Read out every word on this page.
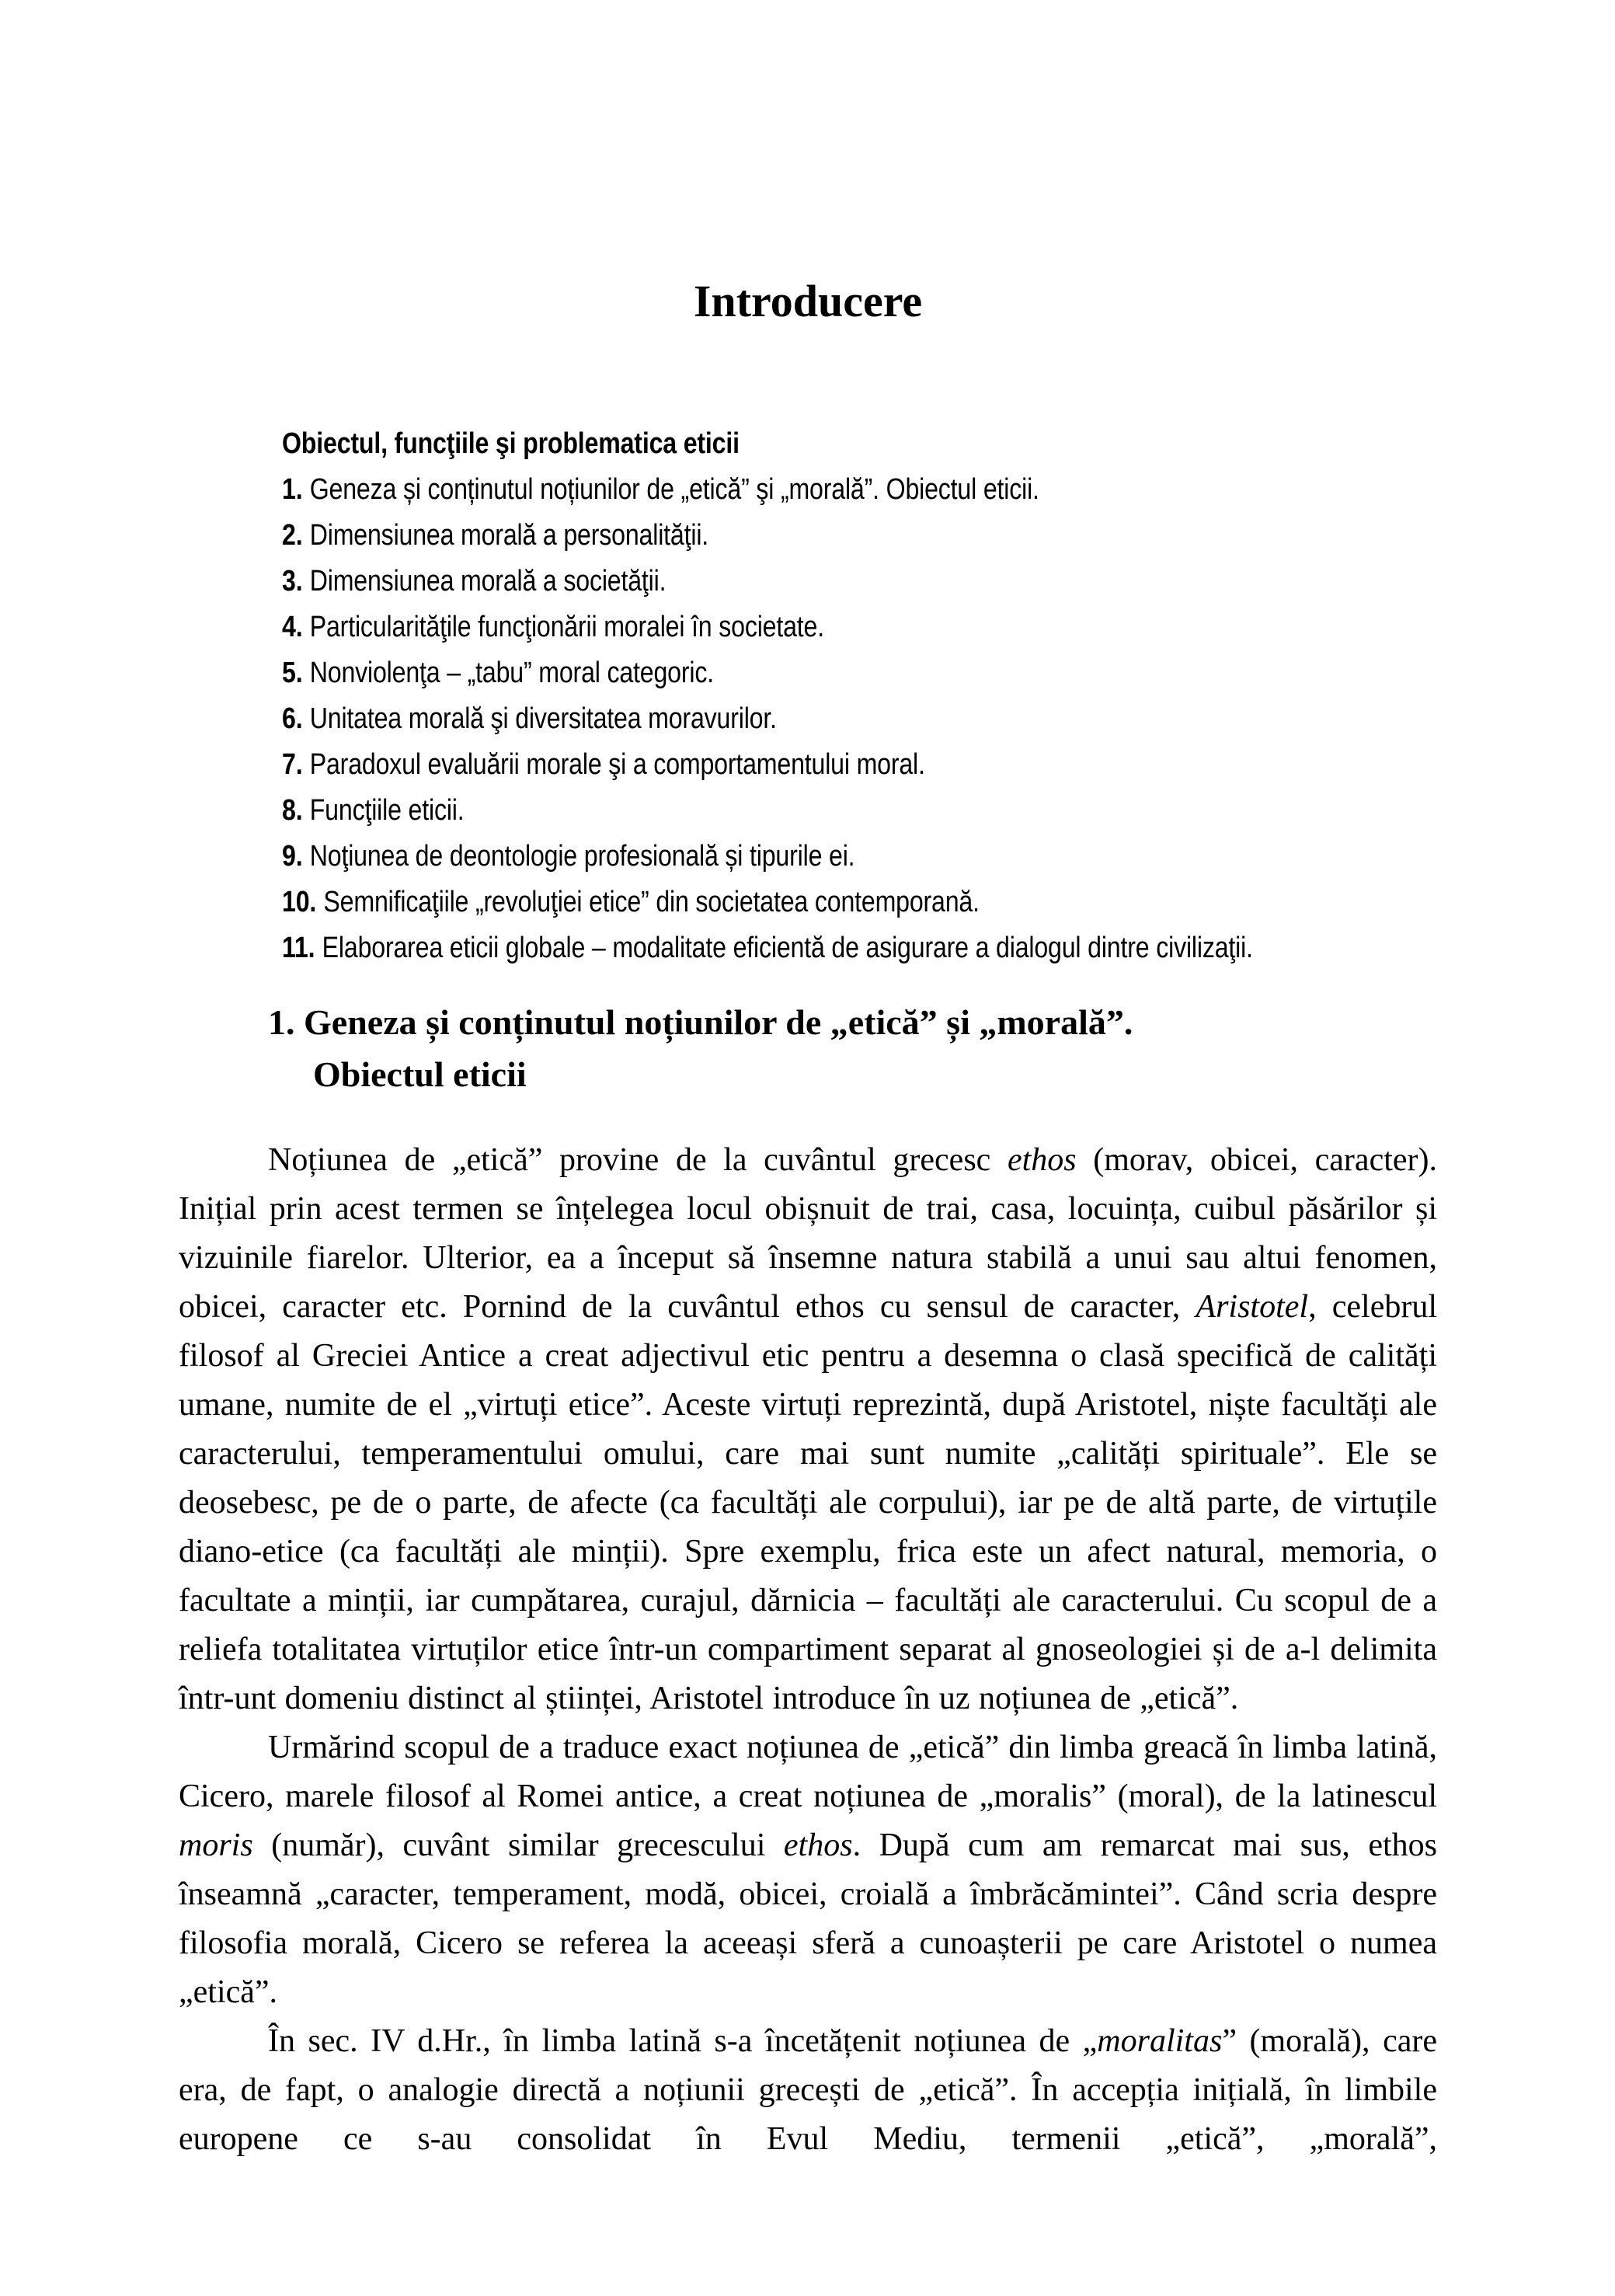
Introducere
Obiectul, funcţiile şi problematica eticii
1. Geneza și conținutul noțiunilor de „etică” şi „morală”. Obiectul eticii.
2. Dimensiunea morală a personalităţii.
3. Dimensiunea morală a societăţii.
4. Particularităţile funcţionării moralei în societate.
5. Nonviolenţa – „tabu” moral categoric.
6. Unitatea morală şi diversitatea moravurilor.
7. Paradoxul evaluării morale şi a comportamentului moral.
8. Funcţiile eticii.
9. Noţiunea de deontologie profesională și tipurile ei.
10. Semnificaţiile „revoluţiei etice” din societatea contemporană.
11. Elaborarea eticii globale – modalitate eficientă de asigurare a dialogul dintre civilizaţii.
1. Geneza și conținutul noțiunilor de „etică” și „morală”.
Obiectul eticii

Noțiunea de „etică” provine de la cuvântul grecesc ethos (morav, obicei, caracter). Inițial prin acest termen se înțelegea locul obișnuit de trai, casa, locuința, cuibul păsărilor și vizuinile fiarelor. Ulterior, ea a început să însemne natura stabilă a unui sau altui fenomen, obicei, caracter etc. Pornind de la cuvântul ethos cu sensul de caracter, Aristotel, celebrul filosof al Greciei Antice a creat adjectivul etic pentru a desemna o clasă specifică de calități umane, numite de el „virtuți etice”. Aceste virtuți reprezintă, după Aristotel, niște facultăți ale caracterului, temperamentului omului, care mai sunt numite „calități spirituale”. Ele se deosebesc, pe de o parte, de afecte (ca facultăți ale corpului), iar pe de altă parte, de virtuțile diano-etice (ca facultăți ale minții). Spre exemplu, frica este un afect natural, memoria, o facultate a minții, iar cumpătarea, curajul, dărnicia – facultăți ale caracterului. Cu scopul de a reliefa totalitatea virtuților etice într-un compartiment separat al gnoseologiei și de a-l delimita într-unt domeniu distinct al științei, Aristotel introduce în uz noțiunea de „etică”.

Urmărind scopul de a traduce exact noțiunea de „etică” din limba greacă în limba latină, Cicero, marele filosof al Romei antice, a creat noțiunea de „moralis” (moral), de la latinescul moris (număr), cuvânt similar grecescului ethos. După cum am remarcat mai sus, ethos înseamnă „caracter, temperament, modă, obicei, croială a îmbrăcămintei”. Când scria despre filosofia morală, Cicero se referea la aceeași sferă a cunoașterii pe care Aristotel o numea „etică”.

În sec. IV d.Hr., în limba latină s-a încetățenit noțiunea de „moralitas” (morală), care era, de fapt, o analogie directă a noțiunii grecești de „etică”. În accepția inițială, în limbile europene ce s-au consolidat în Evul Mediu, termenii „etică”, „morală”,
